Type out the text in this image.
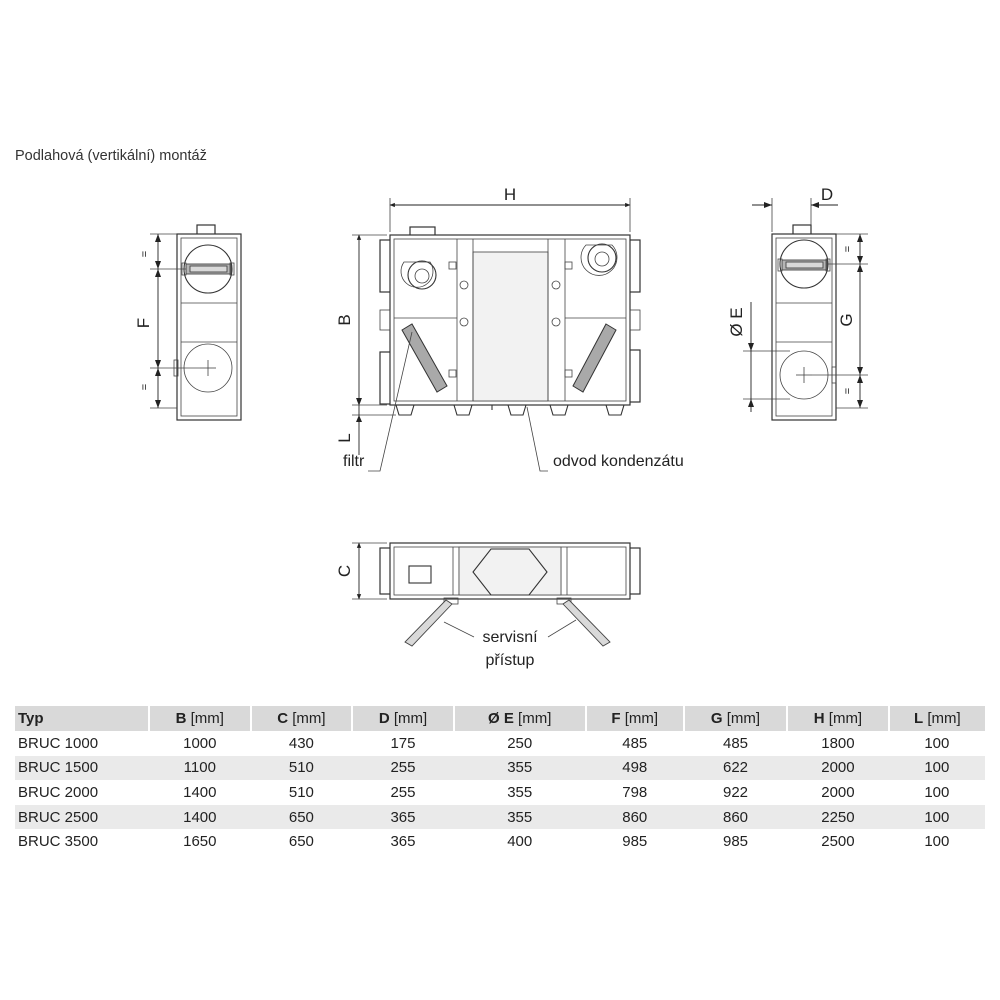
Podlahová (vertikální) montáž
=
F
=
H
B
L
filtr	odvod kondenzátu
D
Ø E	G
=
=
C
servisní
přístup
Typ	B [mm]	C [mm]	D [mm]	Ø E [mm]	F [mm]	G [mm]	H [mm]	L [mm]
BRUC 1000	1000	430	175	250	485	485	1800	100
BRUC 1500	1100	510	255	355	498	622	2000	100
BRUC 2000	1400	510	255	355	798	922	2000	100
BRUC 2500	1400	650	365	355	860	860	2250	100
BRUC 3500	1650	650	365	400	985	985	2500	100
